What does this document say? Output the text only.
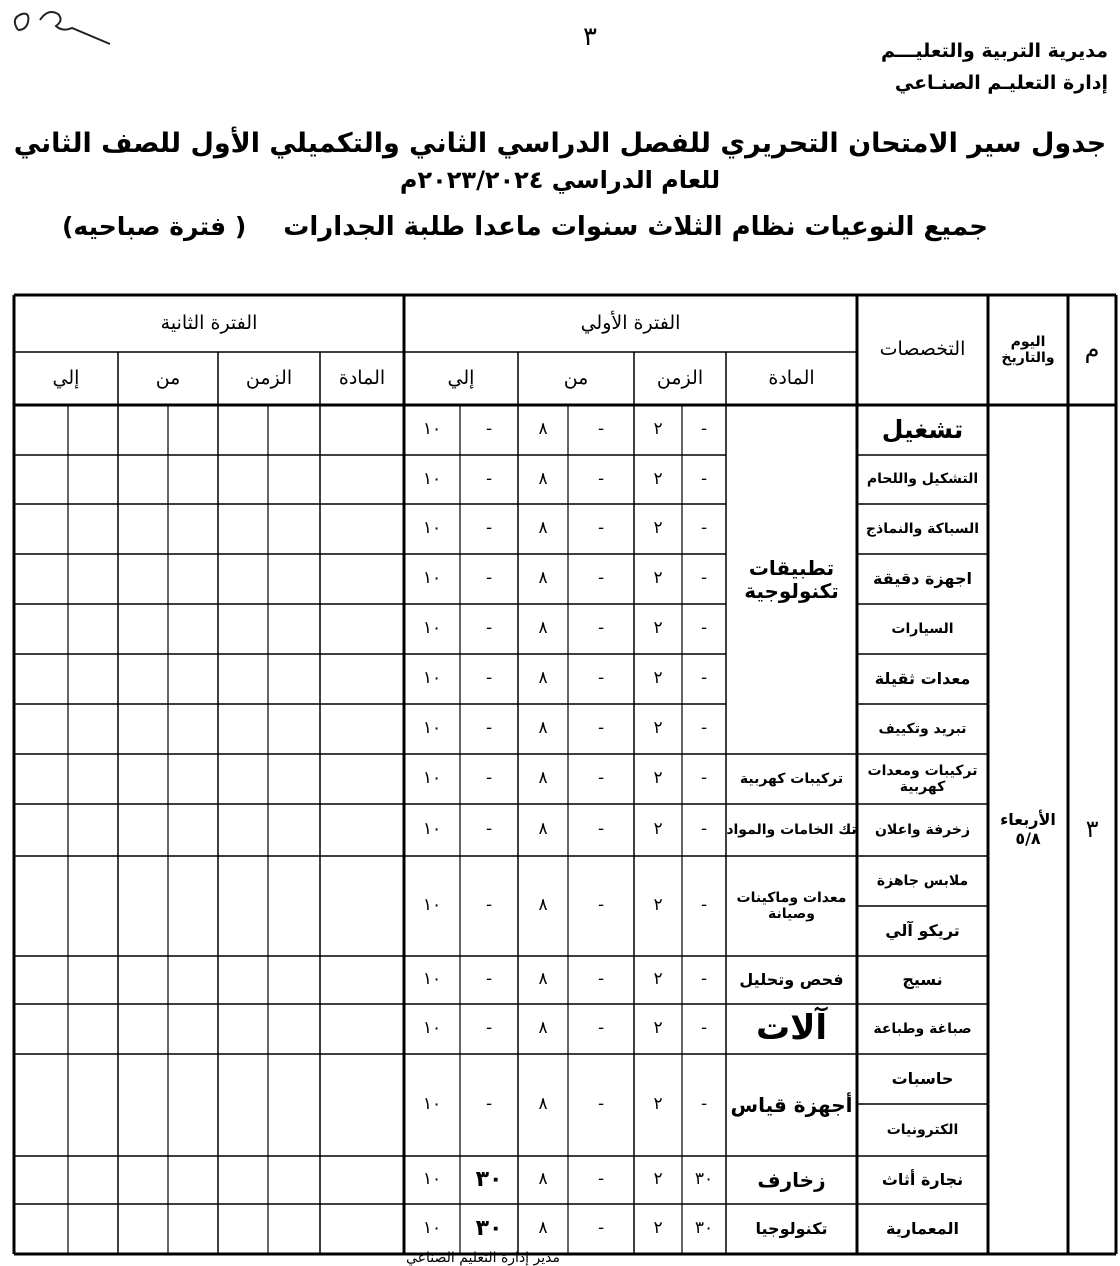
مديرية التربية والتعليـــم
إدارة التعليـم الصنـاعي
٣
جدول سير الامتحان التحريري للفصل الدراسي الثاني والتكميلي الأول للصف الثاني
للعام الدراسي ٢٠٢٣/٢٠٢٤م
جميع النوعيات نظام الثلاث سنوات ماعدا طلبة الجدارات
( فترة صباحيه)
م
اليوم والتاريخ
التخصصات
الفترة الأولي
الفترة الثانية
المادة
الزمن
من
إلي
المادة
الزمن
من
إلي
٣
الأربعاء
٥/٨
تشغيل
التشكيل واللحام
السباكة والنماذج
اجهزة دقيقة
السيارات
معدات ثقيلة
تبريد وتكييف
تركيبات ومعدات كهربية
زخرفة واعلان
ملابس جاهزة
تريكو آلي
نسيج
صباغة وطباعة
حاسبات
الكترونيات
نجارة أثاث
المعمارية
تطبيقات تكنولوجية
تركيبات كهربية
تك الخامات والمواد
معدات وماكينات وصيانة
فحص وتحليل
آلات
أجهزة قياس
زخارف
تكنولوجيا
-
٢
-
٨
-
١٠
-
٢
-
٨
-
١٠
-
٢
-
٨
-
١٠
-
٢
-
٨
-
١٠
-
٢
-
٨
-
١٠
-
٢
-
٨
-
١٠
-
٢
-
٨
-
١٠
-
٢
-
٨
-
١٠
-
٢
-
٨
-
١٠
-
٢
-
٨
-
١٠
-
٢
-
٨
-
١٠
-
٢
-
٨
-
١٠
-
٢
-
٨
-
١٠
٣٠
٢
-
٨
٣٠
١٠
٣٠
٢
-
٨
٣٠
١٠
مدير إدارة التعليم الصناعي
